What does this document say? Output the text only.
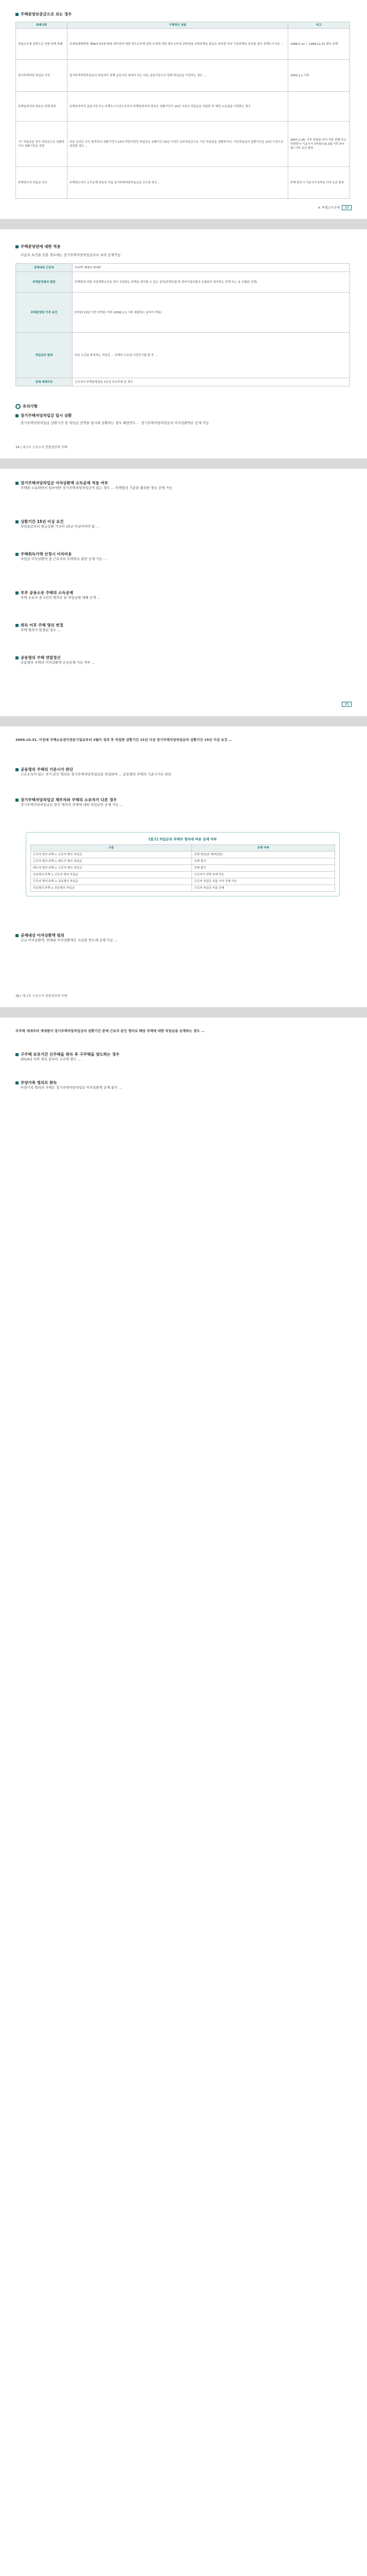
주택분양보증금으로 보는 경우
특례사항	구체적인 내용	비고
영업소득세 감면으로 인한 주택 특례	조세특례제한법 제99조의2에 따라 취득하여 대한 양도소득세 감면 규정에 의한 양도소득세 감면대상 신축주택을 최초로 취득한 자의 기존주택을 보유한 경우 주택도시기금 ...	1998.5.22 ~ 1999.12.31 취득 주택
장기주택저당 차입금 이자	장기주택저당차입금의 차입자가 장해 금융기관 내에서 또는 다른 금융기관으로 양해 차입금을 이전하는 경우 ...	2003.1.1 이후
주택임차자의 담보로 주택 취득	주택임차자가 금융기관 또는 주택도시기금으로부터 주택임차자의 담보로 상환기간이 15년 이상인 차입금을 차입한 후 해당 소유권을 이전받는 경우	
'기’ 차입금을 장기 차입금으로 상환하거나 상환기간을 연장	다른 요건은 모두 충족하나 상환기간이 15년 미만이었던 차입금을 상환기간 15년 이상인 신규차입금으로 기존 차입금을 상환하거나, 기존차입금의 상환기간을 15년 이상으로 연장한 경우 ...	2007.2.28. 이후 연장분 부터 적용 판별 또는 연장당시 기준시가 3억원('14.1월 이후 4억원) 이하 요건 충족
주택양수자 차입금 인수	주택양도자가 소득공제 대상인 차입 장기주택저당차입금을 인수한 경우 ...	주택 양수시 기준시가 5억원 이하 요건 충족
4. 특별소득공제 33
주택분양권에 대한 적용
다음의 요건을 갖춘 경우에는 장기주택저당차입금으로 보아 공제가능
공제대상 근로자	무주택 세대의 세대주
주택분양권의 범위	주택법에 의한 사업계획승인을 얻어 건설되는 주택을 취득할 수 있는 권리(주택조합 및 정비사업조합의 조합원이 취득하는 주택 또는 동 조합원 증명)
주택분양권 가격 요건	5억원('13년 이전 3억원) 이하 (2006.1.1 이후 대출하는 분부터 적용)
차입금의 범위	다음 요건을 충족하는 차입금 ... 주택의 소유권 이전등기를 할 것 ...
공제 세제사유	근로자가 주택분양권을 2인상 보유하게 된 경우
유의사항
장기주택저당차입금 일시 상환
장기주택저당차입금 상환기간 중 차입금 전액을 일시에 상환하는 경우 해당연도 ... 장기주택저당차입금의 이자상환액은 공제 가능
34 | 제 1부 근로소득 연말정산의 이해
장기주택저당차입금 이자상환액 소득공제 적용 여부
주택을 소유하면서 일부에만 장기주택저당차입금이 있는 경우 ... 주택법상 기준을 충족한 경우 공제 가능
상환기간 15년 이상 요건
차입일로부터 원금상환 기간이 15년 이상이어야 함 ...
주택취득가액 산정시 이자비용
차입금 이자상환액 중 근로자의 주택취득 관련 공제 가능 ...
부부 공동소유 주택의 소득공제
주택 소유자 중 1인의 명의로 된 차입금에 대해 공제 ...
취득 이후 주택 명의 변경
주택 명의가 변경된 경우 ...
공동명의 주택 연말정산
공동명의 주택의 이자상환액 소득공제 가능 여부 ...
35
2000.10.31. 이전에 주택소유권이전등기일로부터 3월이 경과 후 차입한 상환기간 15년 이상 장기주택저당차입금의 상환기간 15년 이상 요건 ...
공동명의 주택의 기준시가 판단
근로소득이 있는 자가 본인 명의로 장기주택저당차입금을 차입하여 ... 공동명의 주택의 기준시가로 판단
장기주택저당차입금 채무자와 주택의 소유자가 다른 경우
장기주택저당차입금은 본인 명의의 주택에 대한 차입금만 공제 가능 ...
[참고] 차입금과 주택의 명의에 따른 공제 여부
구분	공제 여부
근로자 명의 주택 + 근로자 명의 차입금	공제 대상(본 예외있음)
근로자 명의 주택 + 배우자 명의 차입금	공제 불가
배우자 명의 주택 + 근로자 명의 차입금	공제 불가
공동명의 주택 + 근로자 명의 차입금	근로자가 전액 공제 가능
근로자 명의 주택 + 공동명의 차입금	근로자 차입금 지분 이자 공제 가능
공동명의 주택 + 공동명의 차입금	근로자 차입금 지분 공제
공제대상 이자상환액 범위
신규 이자상환액, 연체된 이자상환액은 지급한 연도에 공제 가능 ...
36 | 제 1부 근로소득 연말정산의 이해
무주택 세대주의 세대원이 장기주택저당차입금의 상환기간 중에 근로자 본인 명의로 해당 주택에 대한 차입금을 승계하는 경우 ...
구주택 보유기간 신주택을 취득 후 구주택을 양도하는 경우
2014년 이후 취득 분부터 구주택 양도 ...
부양가족 명의로 취득
부양가족 명의의 주택은 장기주택저당차입금 이자상환액 공제 불가 ...
